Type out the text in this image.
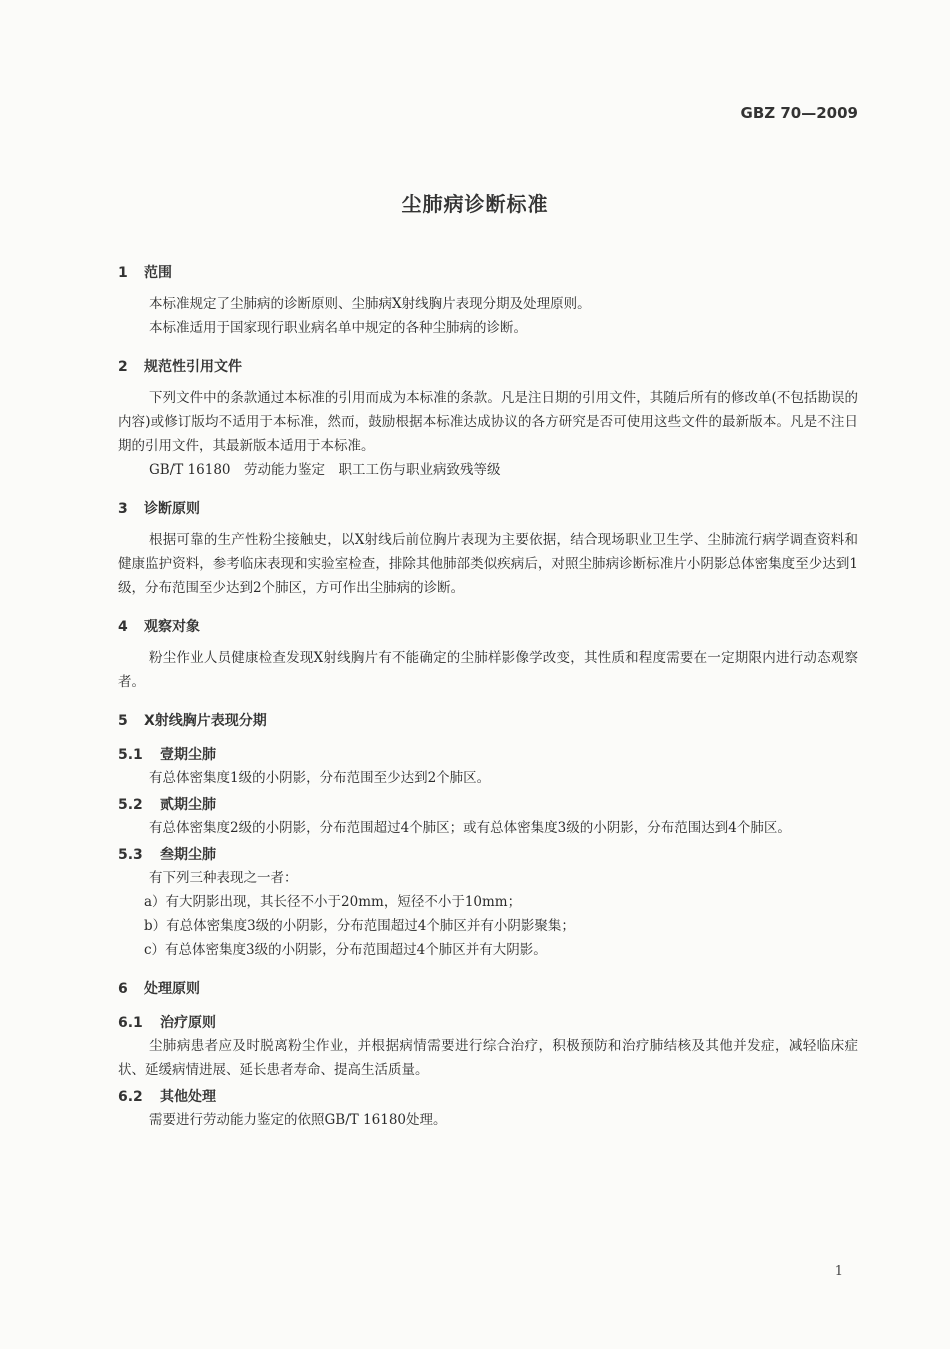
GBZ 70—2009
尘肺病诊断标准
1 范围

本标准规定了尘肺病的诊断原则、尘肺病X射线胸片表现分期及处理原则。

本标准适用于国家现行职业病名单中规定的各种尘肺病的诊断。

2 规范性引用文件

下列文件中的条款通过本标准的引用而成为本标准的条款。凡是注日期的引用文件，其随后所有的修改单(不包括勘误的内容)或修订版均不适用于本标准，然而，鼓励根据本标准达成协议的各方研究是否可使用这些文件的最新版本。凡是不注日期的引用文件，其最新版本适用于本标准。

GB/T 16180　劳动能力鉴定　职工工伤与职业病致残等级

3 诊断原则

根据可靠的生产性粉尘接触史，以X射线后前位胸片表现为主要依据，结合现场职业卫生学、尘肺流行病学调查资料和健康监护资料，参考临床表现和实验室检查，排除其他肺部类似疾病后，对照尘肺病诊断标准片小阴影总体密集度至少达到1级，分布范围至少达到2个肺区，方可作出尘肺病的诊断。

4 观察对象

粉尘作业人员健康检查发现X射线胸片有不能确定的尘肺样影像学改变，其性质和程度需要在一定期限内进行动态观察者。

5 X射线胸片表现分期
5.1 壹期尘肺

有总体密集度1级的小阴影，分布范围至少达到2个肺区。

5.2 贰期尘肺

有总体密集度2级的小阴影，分布范围超过4个肺区；或有总体密集度3级的小阴影，分布范围达到4个肺区。

5.3 叁期尘肺

有下列三种表现之一者：

a）有大阴影出现，其长径不小于20mm，短径不小于10mm；
b）有总体密集度3级的小阴影，分布范围超过4个肺区并有小阴影聚集；
c）有总体密集度3级的小阴影，分布范围超过4个肺区并有大阴影。
6 处理原则
6.1 治疗原则

尘肺病患者应及时脱离粉尘作业，并根据病情需要进行综合治疗，积极预防和治疗肺结核及其他并发症，减轻临床症状、延缓病情进展、延长患者寿命、提高生活质量。

6.2 其他处理

需要进行劳动能力鉴定的依照GB/T 16180处理。

1
